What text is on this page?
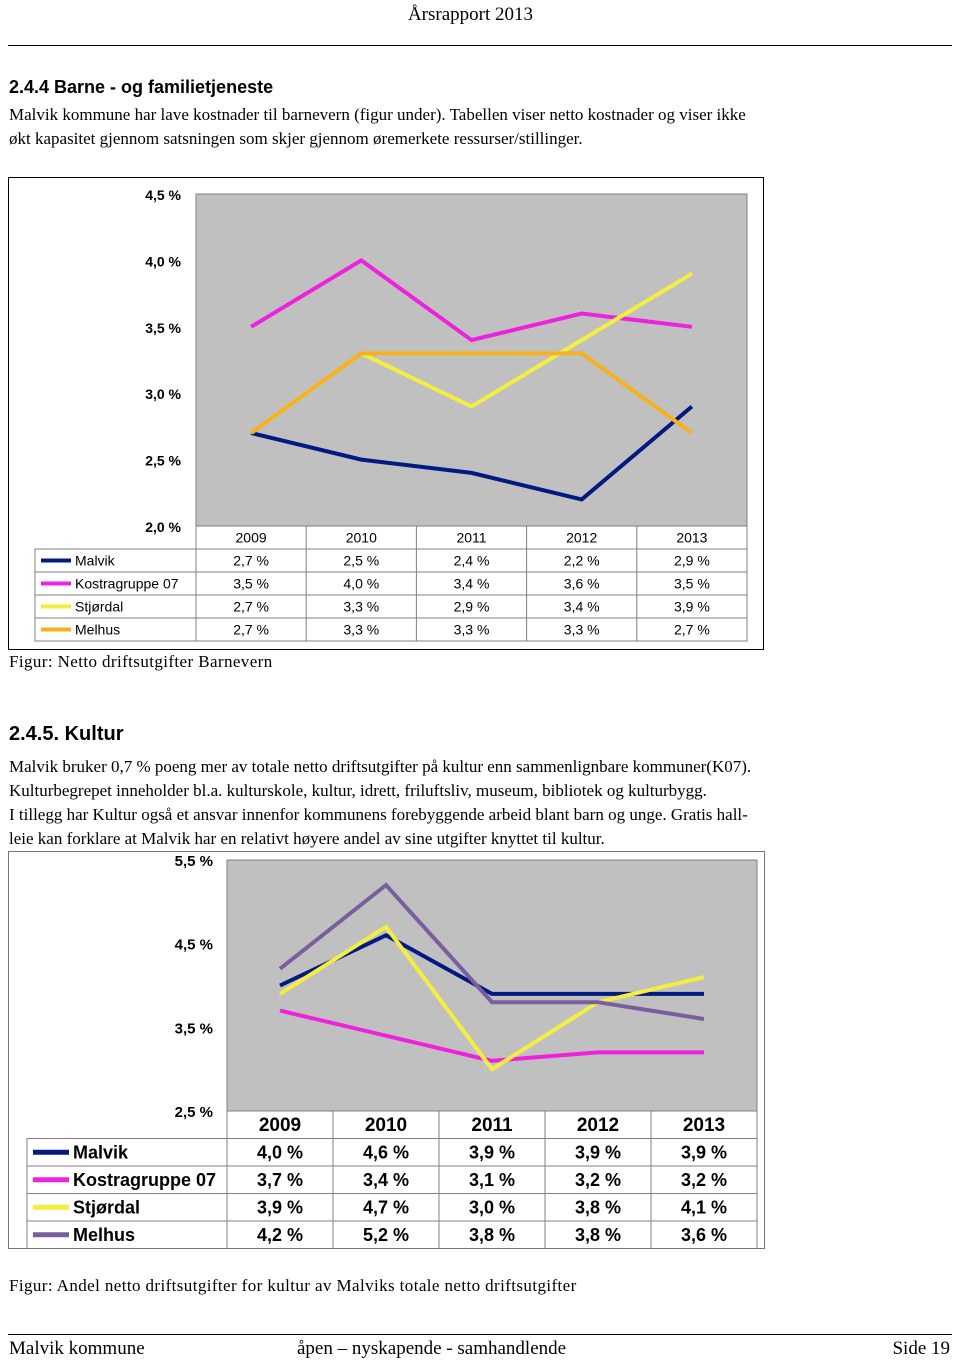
Årsrapport 2013
2.4.4 Barne - og familietjeneste
Malvik kommune har lave kostnader til barnevern (figur under). Tabellen viser netto kostnader og viser ikke
økt kapasitet gjennom satsningen som skjer gjennom øremerkete ressurser/stillinger.
4,5 %
4,0 %
3,5 %
3,0 %
2,5 %
2,0 %
2009	2010	2011	2012	2013
Malvik	2,7 %	2,5 %	2,4 %	2,2 %	2,9 %
Kostragruppe 07	3,5 %	4,0 %	3,4 %	3,6 %	3,5 %
Stjørdal	2,7 %	3,3 %	2,9 %	3,4 %	3,9 %
Melhus	2,7 %	3,3 %	3,3 %	3,3 %	2,7 %
Figur: Netto driftsutgifter Barnevern
2.4.5. Kultur
Malvik bruker 0,7 % poeng mer av totale netto driftsutgifter på kultur enn sammenlignbare kommuner(K07).
Kulturbegrepet inneholder bl.a. kulturskole, kultur, idrett, friluftsliv, museum, bibliotek og kulturbygg.
I tillegg har Kultur også et ansvar innenfor kommunens forebyggende arbeid blant barn og unge. Gratis hall-
leie kan forklare at Malvik har en relativt høyere andel av sine utgifter knyttet til kultur.
5,5 %
4,5 %
3,5 %
2,5 %
2009	2010	2011	2012	2013
Malvik	4,0 %	4,6 %	3,9 %	3,9 %	3,9 %
Kostragruppe 07 3,7 %	3,4 %	3,1 %	3,2 %	3,2 %
Stjørdal	3,9 %	4,7 %	3,0 %	3,8 %	4,1 %
Melhus	4,2 %	5,2 %	3,8 %	3,8 %	3,6 %
Figur: Andel netto driftsutgifter for kultur av Malviks totale netto driftsutgifter
Malvik kommune	åpen – nyskapende - samhandlende	Side 19
